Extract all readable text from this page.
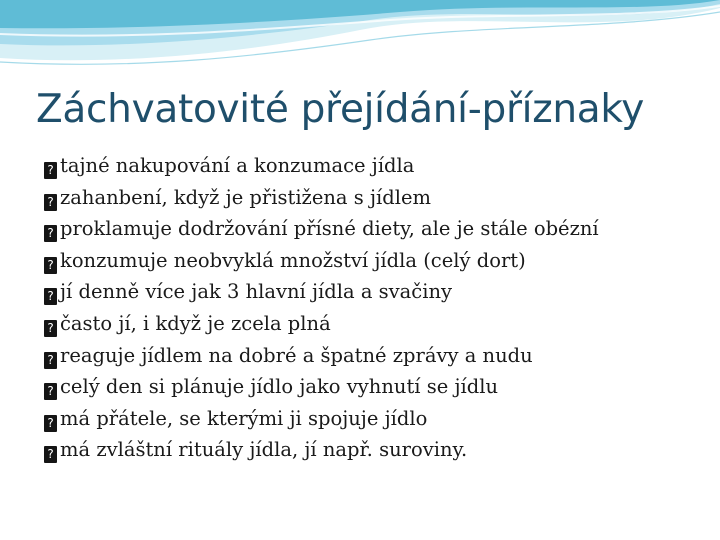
Záchvatovité přejídání-příznaky
? tajné nakupování a konzumace jídla
? zahanbení, když je přistižena s jídlem
? proklamuje dodržování přísné diety, ale je stále obézní
? konzumuje neobvyklá množství jídla (celý dort)
? jí denně více jak 3 hlavní jídla a svačiny
? často jí, i když je zcela plná
? reaguje jídlem na dobré a špatné zprávy a nudu
? celý den si plánuje jídlo jako vyhnutí se jídlu
? má přátele, se kterými ji spojuje jídlo
? má zvláštní rituály jídla, jí např. suroviny.
